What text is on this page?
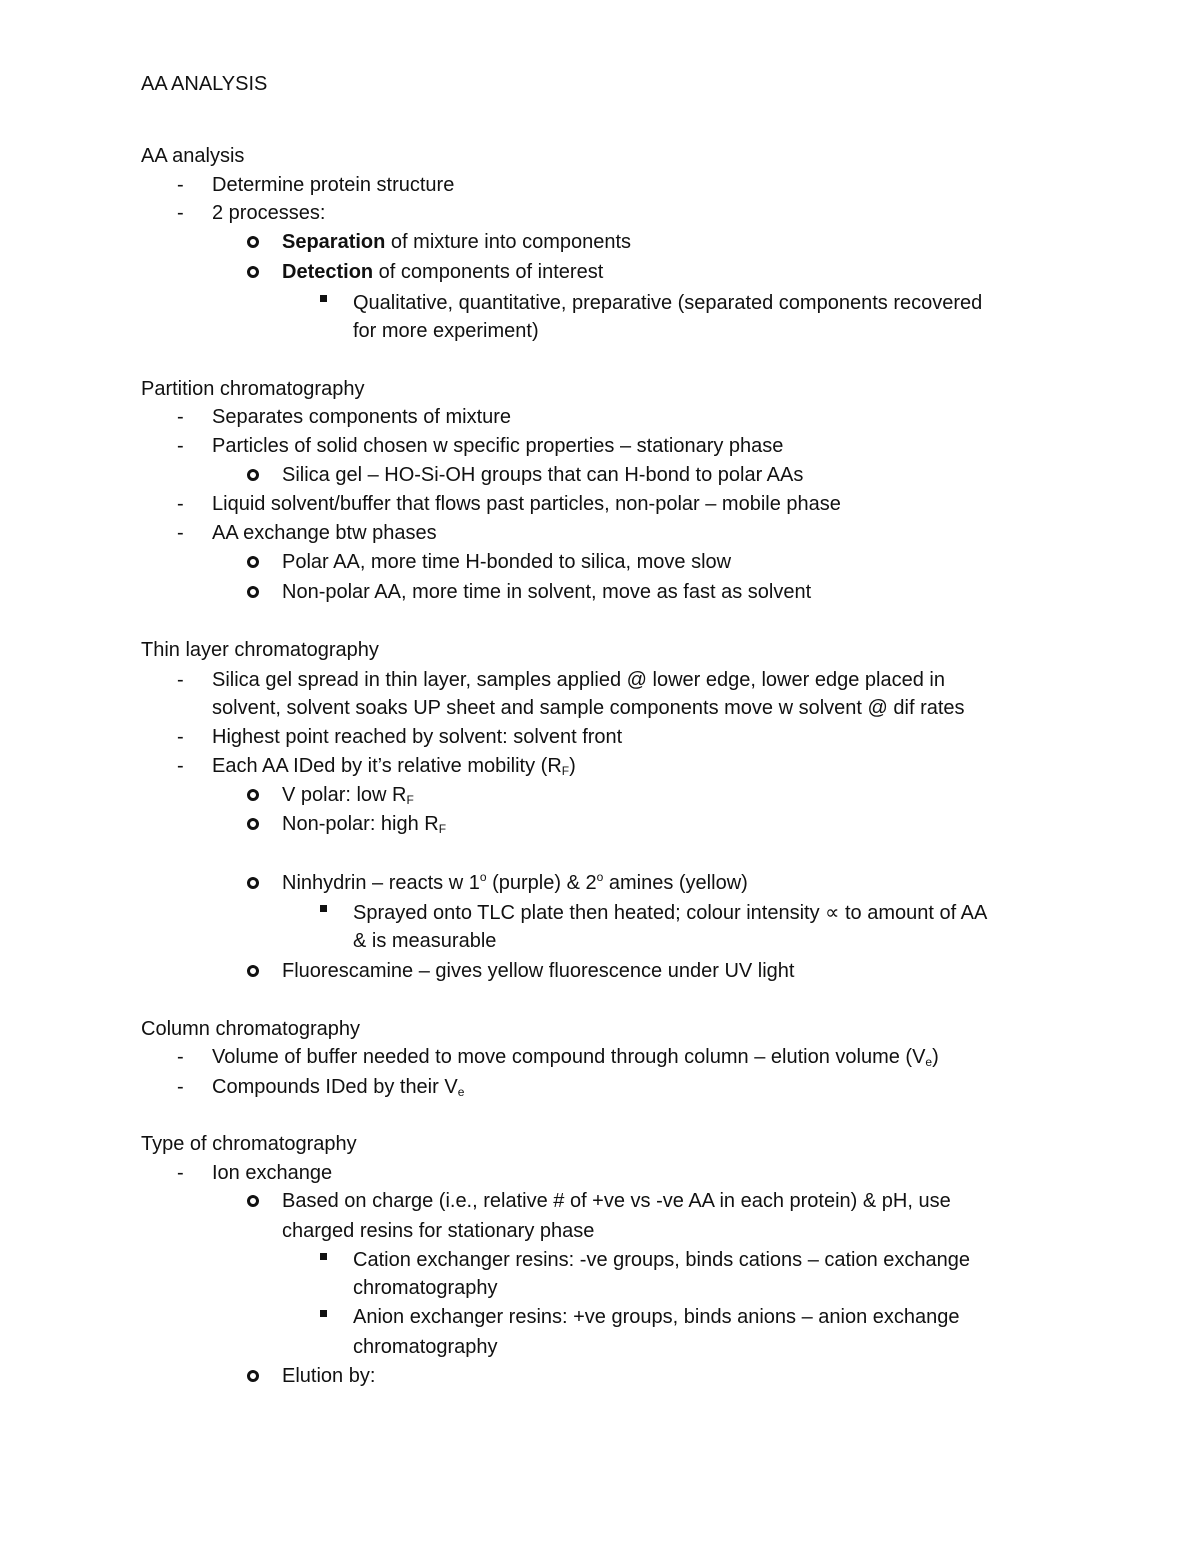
AA ANALYSIS
AA analysis
- Determine protein structure
- 2 processes:
Separation of mixture into components
Detection of components of interest
Qualitative, quantitative, preparative (separated components recovered
for more experiment)
Partition chromatography
- Separates components of mixture
- Particles of solid chosen w specific properties – stationary phase
Silica gel – HO-Si-OH groups that can H-bond to polar AAs
- Liquid solvent/buffer that flows past particles, non-polar – mobile phase
- AA exchange btw phases
Polar AA, more time H-bonded to silica, move slow
Non-polar AA, more time in solvent, move as fast as solvent
Thin layer chromatography
- Silica gel spread in thin layer, samples applied @ lower edge, lower edge placed in
solvent, solvent soaks UP sheet and sample components move w solvent @ dif rates
- Highest point reached by solvent: solvent front
- Each AA IDed by it’s relative mobility $(R_F)$
V polar: low $R_F$
Non-polar: high $R_F$
Ninhydrin – reacts w 1$^o$ (purple) & 2$^o$ amines (yellow)
Sprayed onto TLC plate then heated; colour intensity ∝ to amount of AA
& is measurable
Fluorescamine – gives yellow fluorescence under UV light
Column chromatography
- Volume of buffer needed to move compound through column – elution volume $(V_e)$
- Compounds IDed by their $V_e$
Type of chromatography
- Ion exchange
Based on charge (i.e., relative # of +ve vs -ve AA in each protein) & pH, use
charged resins for stationary phase
Cation exchanger resins: -ve groups, binds cations – cation exchange
chromatography
Anion exchanger resins: +ve groups, binds anions – anion exchange
chromatography
Elution by:
